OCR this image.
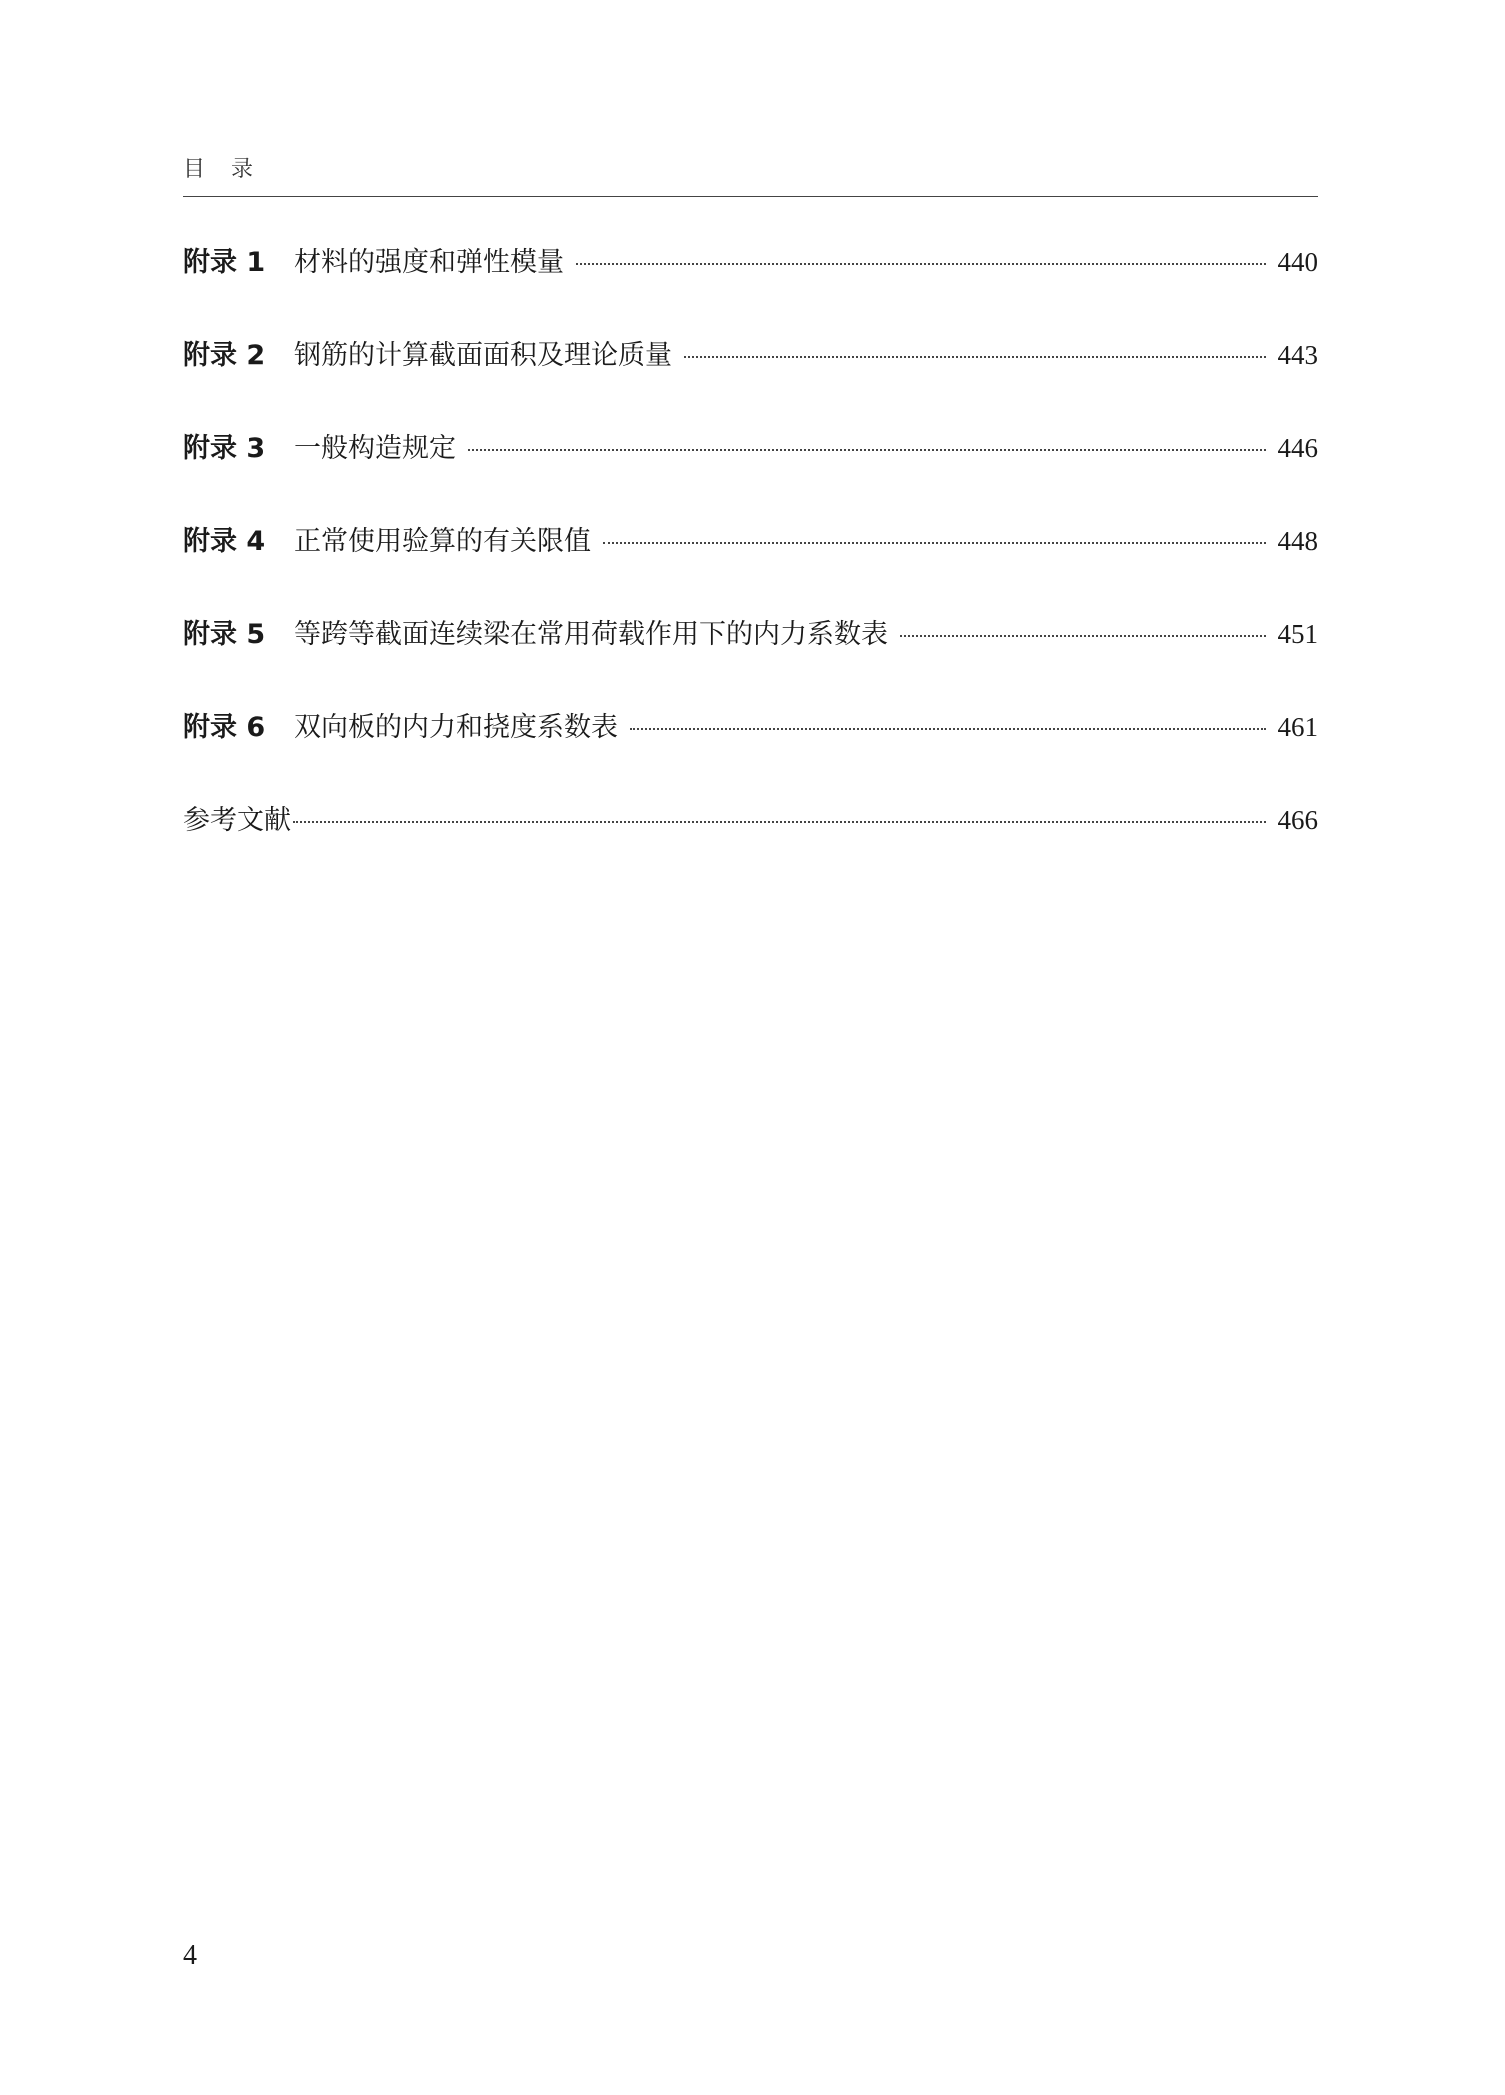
目录
附录 1	材料的强度和弹性模量	440
附录 2	钢筋的计算截面面积及理论质量	443
附录 3	一般构造规定	446
附录 4	正常使用验算的有关限值	448
附录 5	等跨等截面连续梁在常用荷载作用下的内力系数表	451
附录 6	双向板的内力和挠度系数表	461
参考文献	466
4
